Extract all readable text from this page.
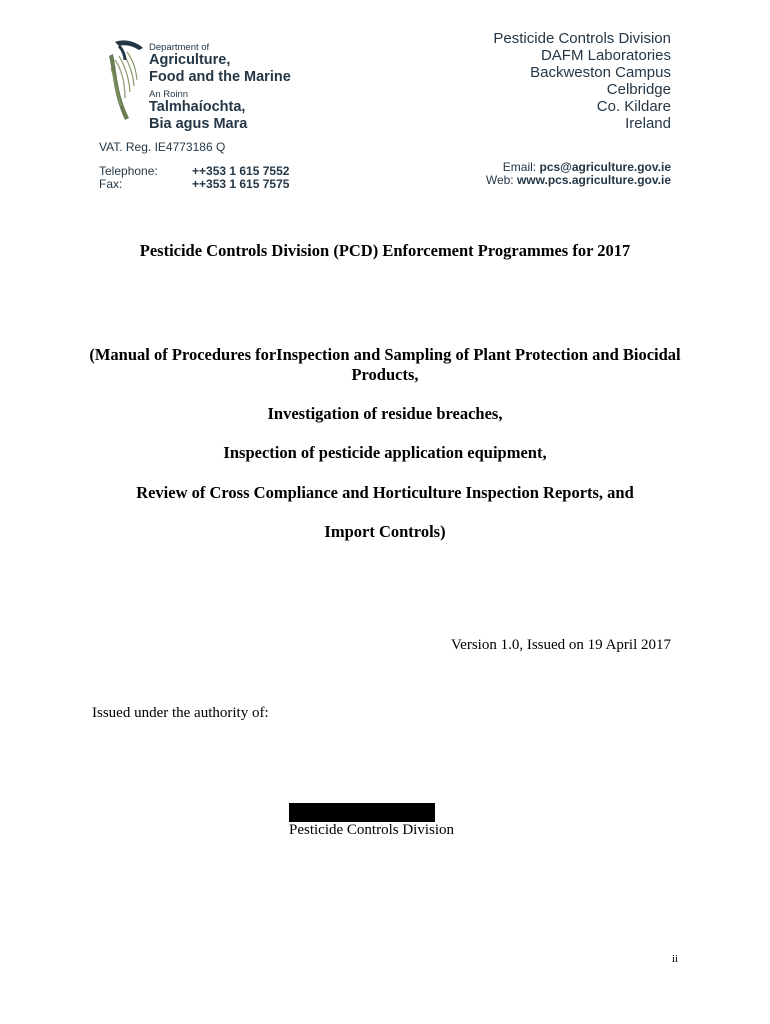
Department of
Agriculture,
Food and the Marine
An Roinn
Talmhaíochta,
Bia agus Mara
Pesticide Controls Division
DAFM Laboratories
Backweston Campus
Celbridge
Co. Kildare
Ireland
VAT. Reg. IE4773186 Q
Telephone:	++353 1 615 7552
Fax:	++353 1 615 7575
Email: pcs@agriculture.gov.ie
Web: www.pcs.agriculture.gov.ie
Pesticide Controls Division (PCD) Enforcement Programmes for 2017
(Manual of Procedures forInspection and Sampling of Plant Protection and Biocidal Products,
Investigation of residue breaches,
Inspection of pesticide application equipment,
Review of Cross Compliance and Horticulture Inspection Reports, and
Import Controls)
Version 1.0, Issued on 19 April 2017
Issued under the authority of:
Pesticide Controls Division
ii
